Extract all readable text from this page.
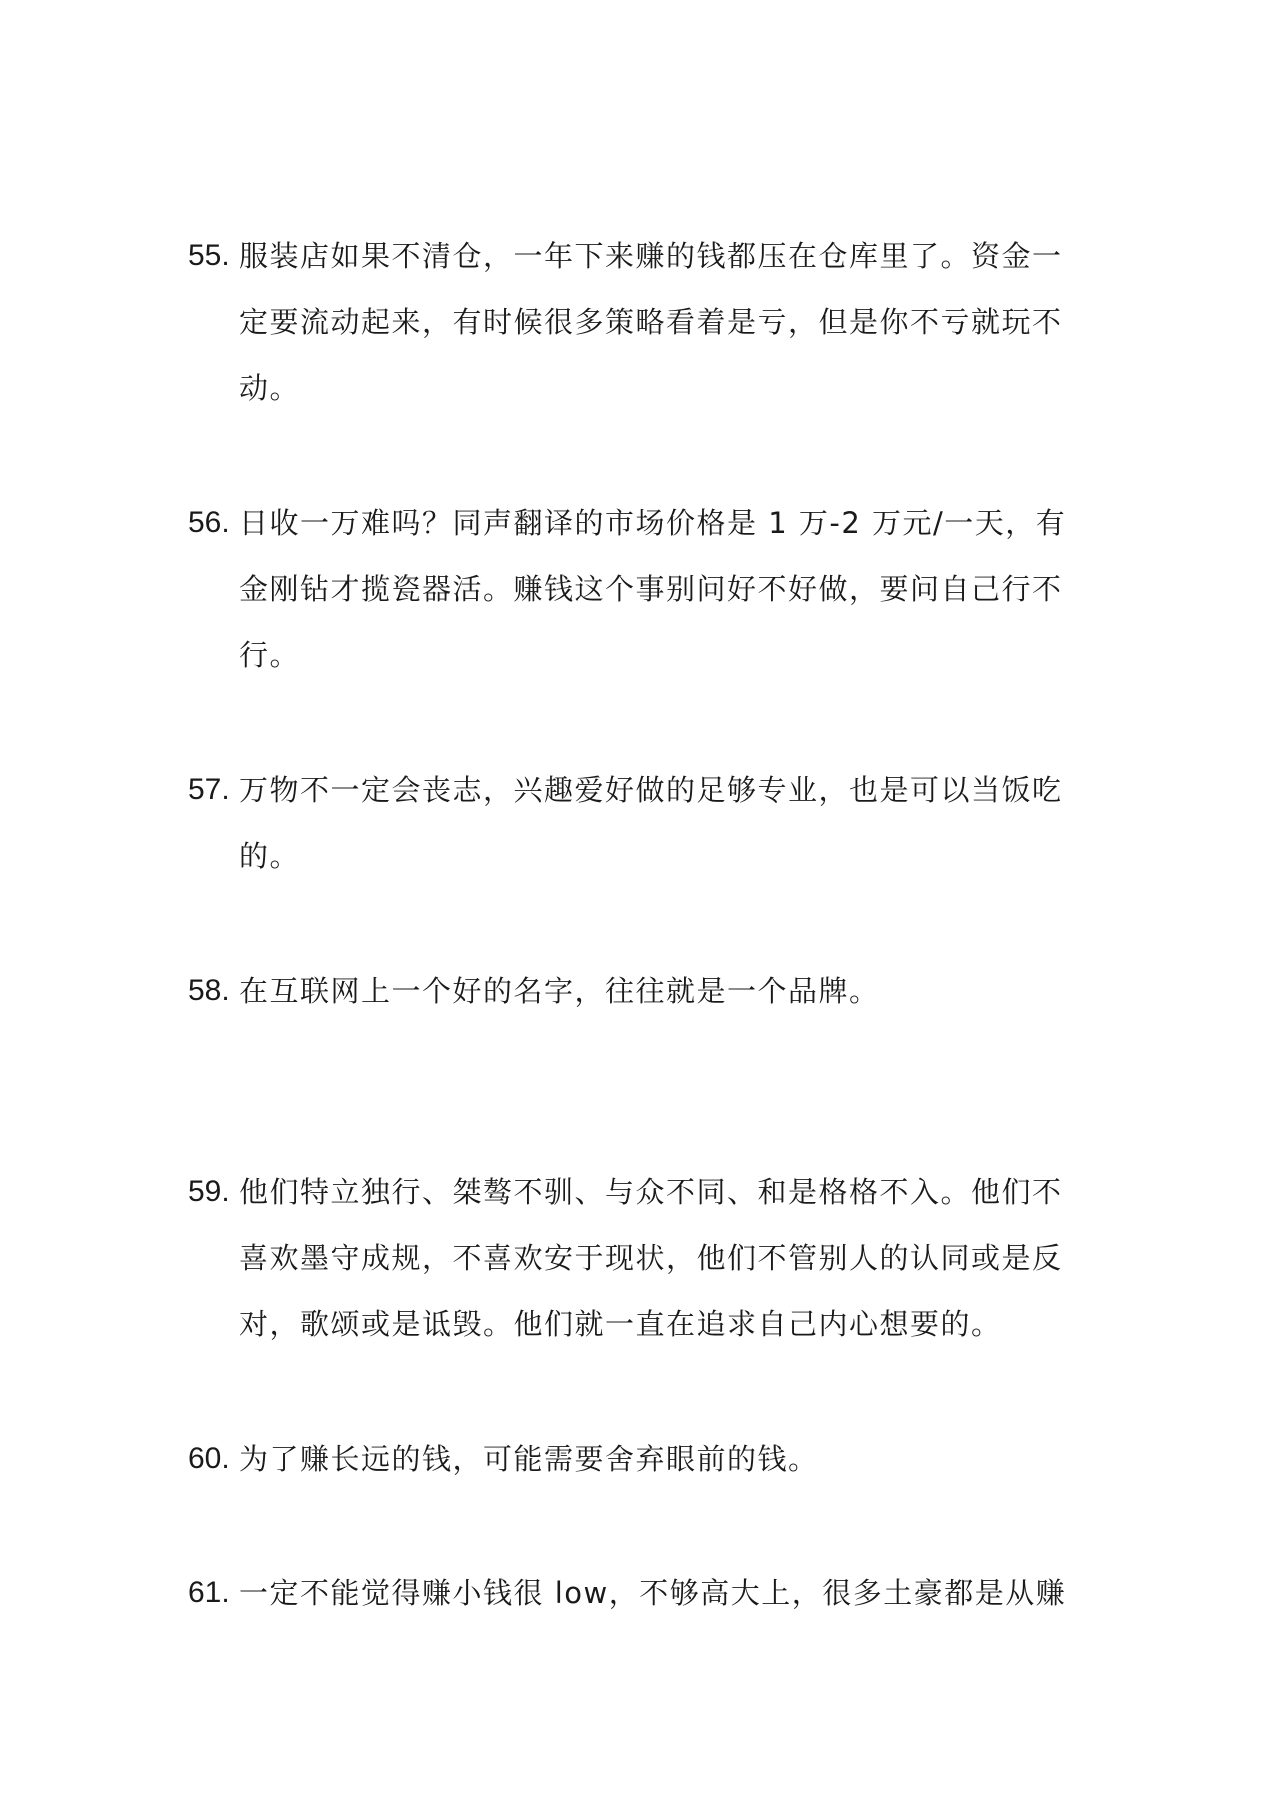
55. 服装店如果不清仓，一年下来赚的钱都压在仓库里了。资金一定要流动起来，有时候很多策略看着是亏，但是你不亏就玩不动。
56. 日收一万难吗？同声翻译的市场价格是 1 万-2 万元/一天，有金刚钻才揽瓷器活。赚钱这个事别问好不好做，要问自己行不行。
57. 万物不一定会丧志，兴趣爱好做的足够专业，也是可以当饭吃的。
58. 在互联网上一个好的名字，往往就是一个品牌。
59. 他们特立独行、桀骜不驯、与众不同、和是格格不入。他们不喜欢墨守成规，不喜欢安于现状，他们不管别人的认同或是反对，歌颂或是诋毁。他们就一直在追求自己内心想要的。
60. 为了赚长远的钱，可能需要舍弃眼前的钱。
61. 一定不能觉得赚小钱很 low，不够高大上，很多土豪都是从赚
